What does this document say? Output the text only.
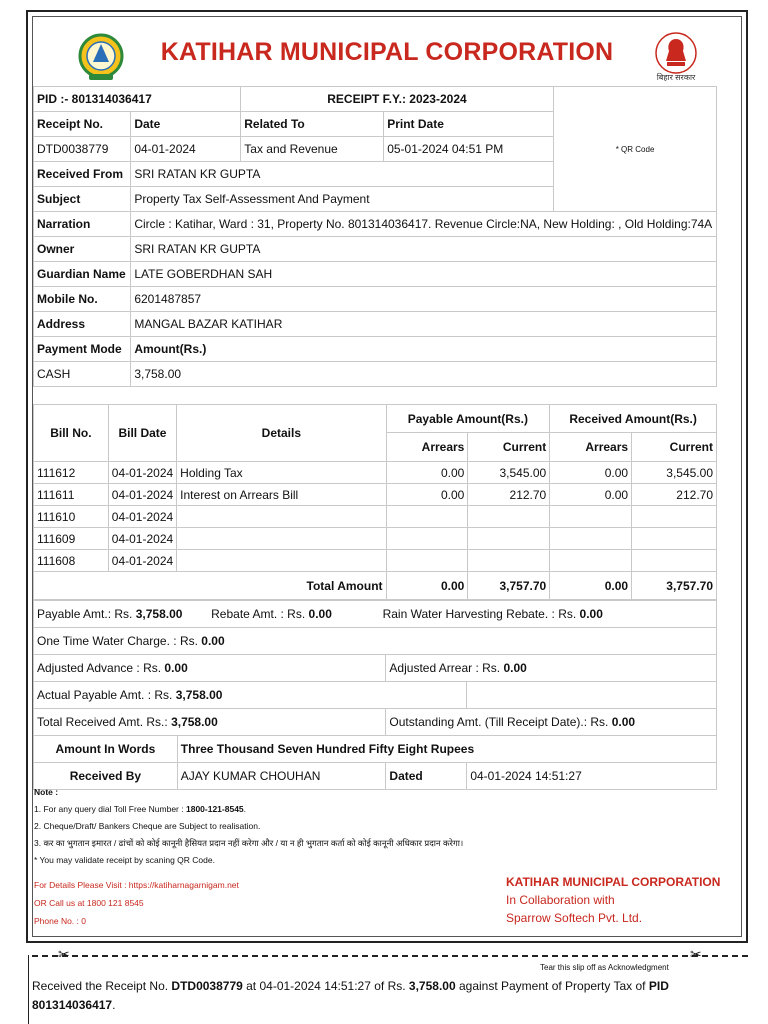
KATIHAR MUNICIPAL CORPORATION
बिहार सरकार
PID :- 801314036417		RECEIPT F.Y.: 2023-2024		* QR Code
Receipt No.	Date	Related To	Print Date	
DTD0038779	04-01-2024	Tax and Revenue	05-01-2024 04:51 PM	
Received From	SRI RATAN KR GUPTA			
Subject	Property Tax Self-Assessment And Payment			
Narration	Circle : Katihar, Ward : 31, Property No. 801314036417. Revenue Circle:NA, New Holding: , Old Holding:74A			
Owner	SRI RATAN KR GUPTA			
Guardian Name	LATE GOBERDHAN SAH			
Mobile No.	6201487857			
Address	MANGAL BAZAR KATIHAR			
Payment Mode	Amount(Rs.)			
CASH	3,758.00			
Bill No.	Bill Date	Details	Payable Amount(Rs.)		Received Amount(Rs.)	
			Arrears	Current	Arrears	Current
111612	04-01-2024	Holding Tax	0.00	3,545.00	0.00	3,545.00
111611	04-01-2024	Interest on Arrears Bill	0.00	212.70	0.00	212.70
111610	04-01-2024					
111609	04-01-2024					
111608	04-01-2024					
Total Amount			0.00	3,757.70	0.00	3,757.70
Payable Amt.: Rs. 3,758.00 Rebate Amt. : Rs. 0.00 Rain Water Harvesting Rebate. : Rs. 0.00			
One Time Water Charge. : Rs. 0.00			
Adjusted Advance : Rs. 0.00		Adjusted Arrear : Rs. 0.00	
Actual Payable Amt. : Rs. 3,758.00			
Total Received Amt. Rs.: 3,758.00		Outstanding Amt. (Till Receipt Date).: Rs. 0.00	
Amount In Words	Three Thousand Seven Hundred Fifty Eight Rupees		
Received By	AJAY KUMAR CHOUHAN	Dated	04-01-2024 14:51:27
Note :
1. For any query dial Toll Free Number : 1800-121-8545.
2. Cheque/Draft/ Bankers Cheque are Subject to realisation.
3. कर का भुगतान इमारत / ढांचों को कोई कानूनी हैसियत प्रदान नहीं करेगा और / या न ही भुगतान कर्ता को कोई कानूनी अधिकार प्रदान करेगा।
* You may validate receipt by scaning QR Code.
For Details Please Visit : https://katiharnagarnigam.net
OR Call us at 1800 121 8545
Phone No. : 0
KATIHAR MUNICIPAL CORPORATION
In Collaboration with
Sparrow Softech Pvt. Ltd.
✂	✂
Tear this slip off as Acknowledgment
Received the Receipt No. DTD0038779 at 04-01-2024 14:51:27 of Rs. 3,758.00 against Payment of Property Tax of PID 801314036417.
